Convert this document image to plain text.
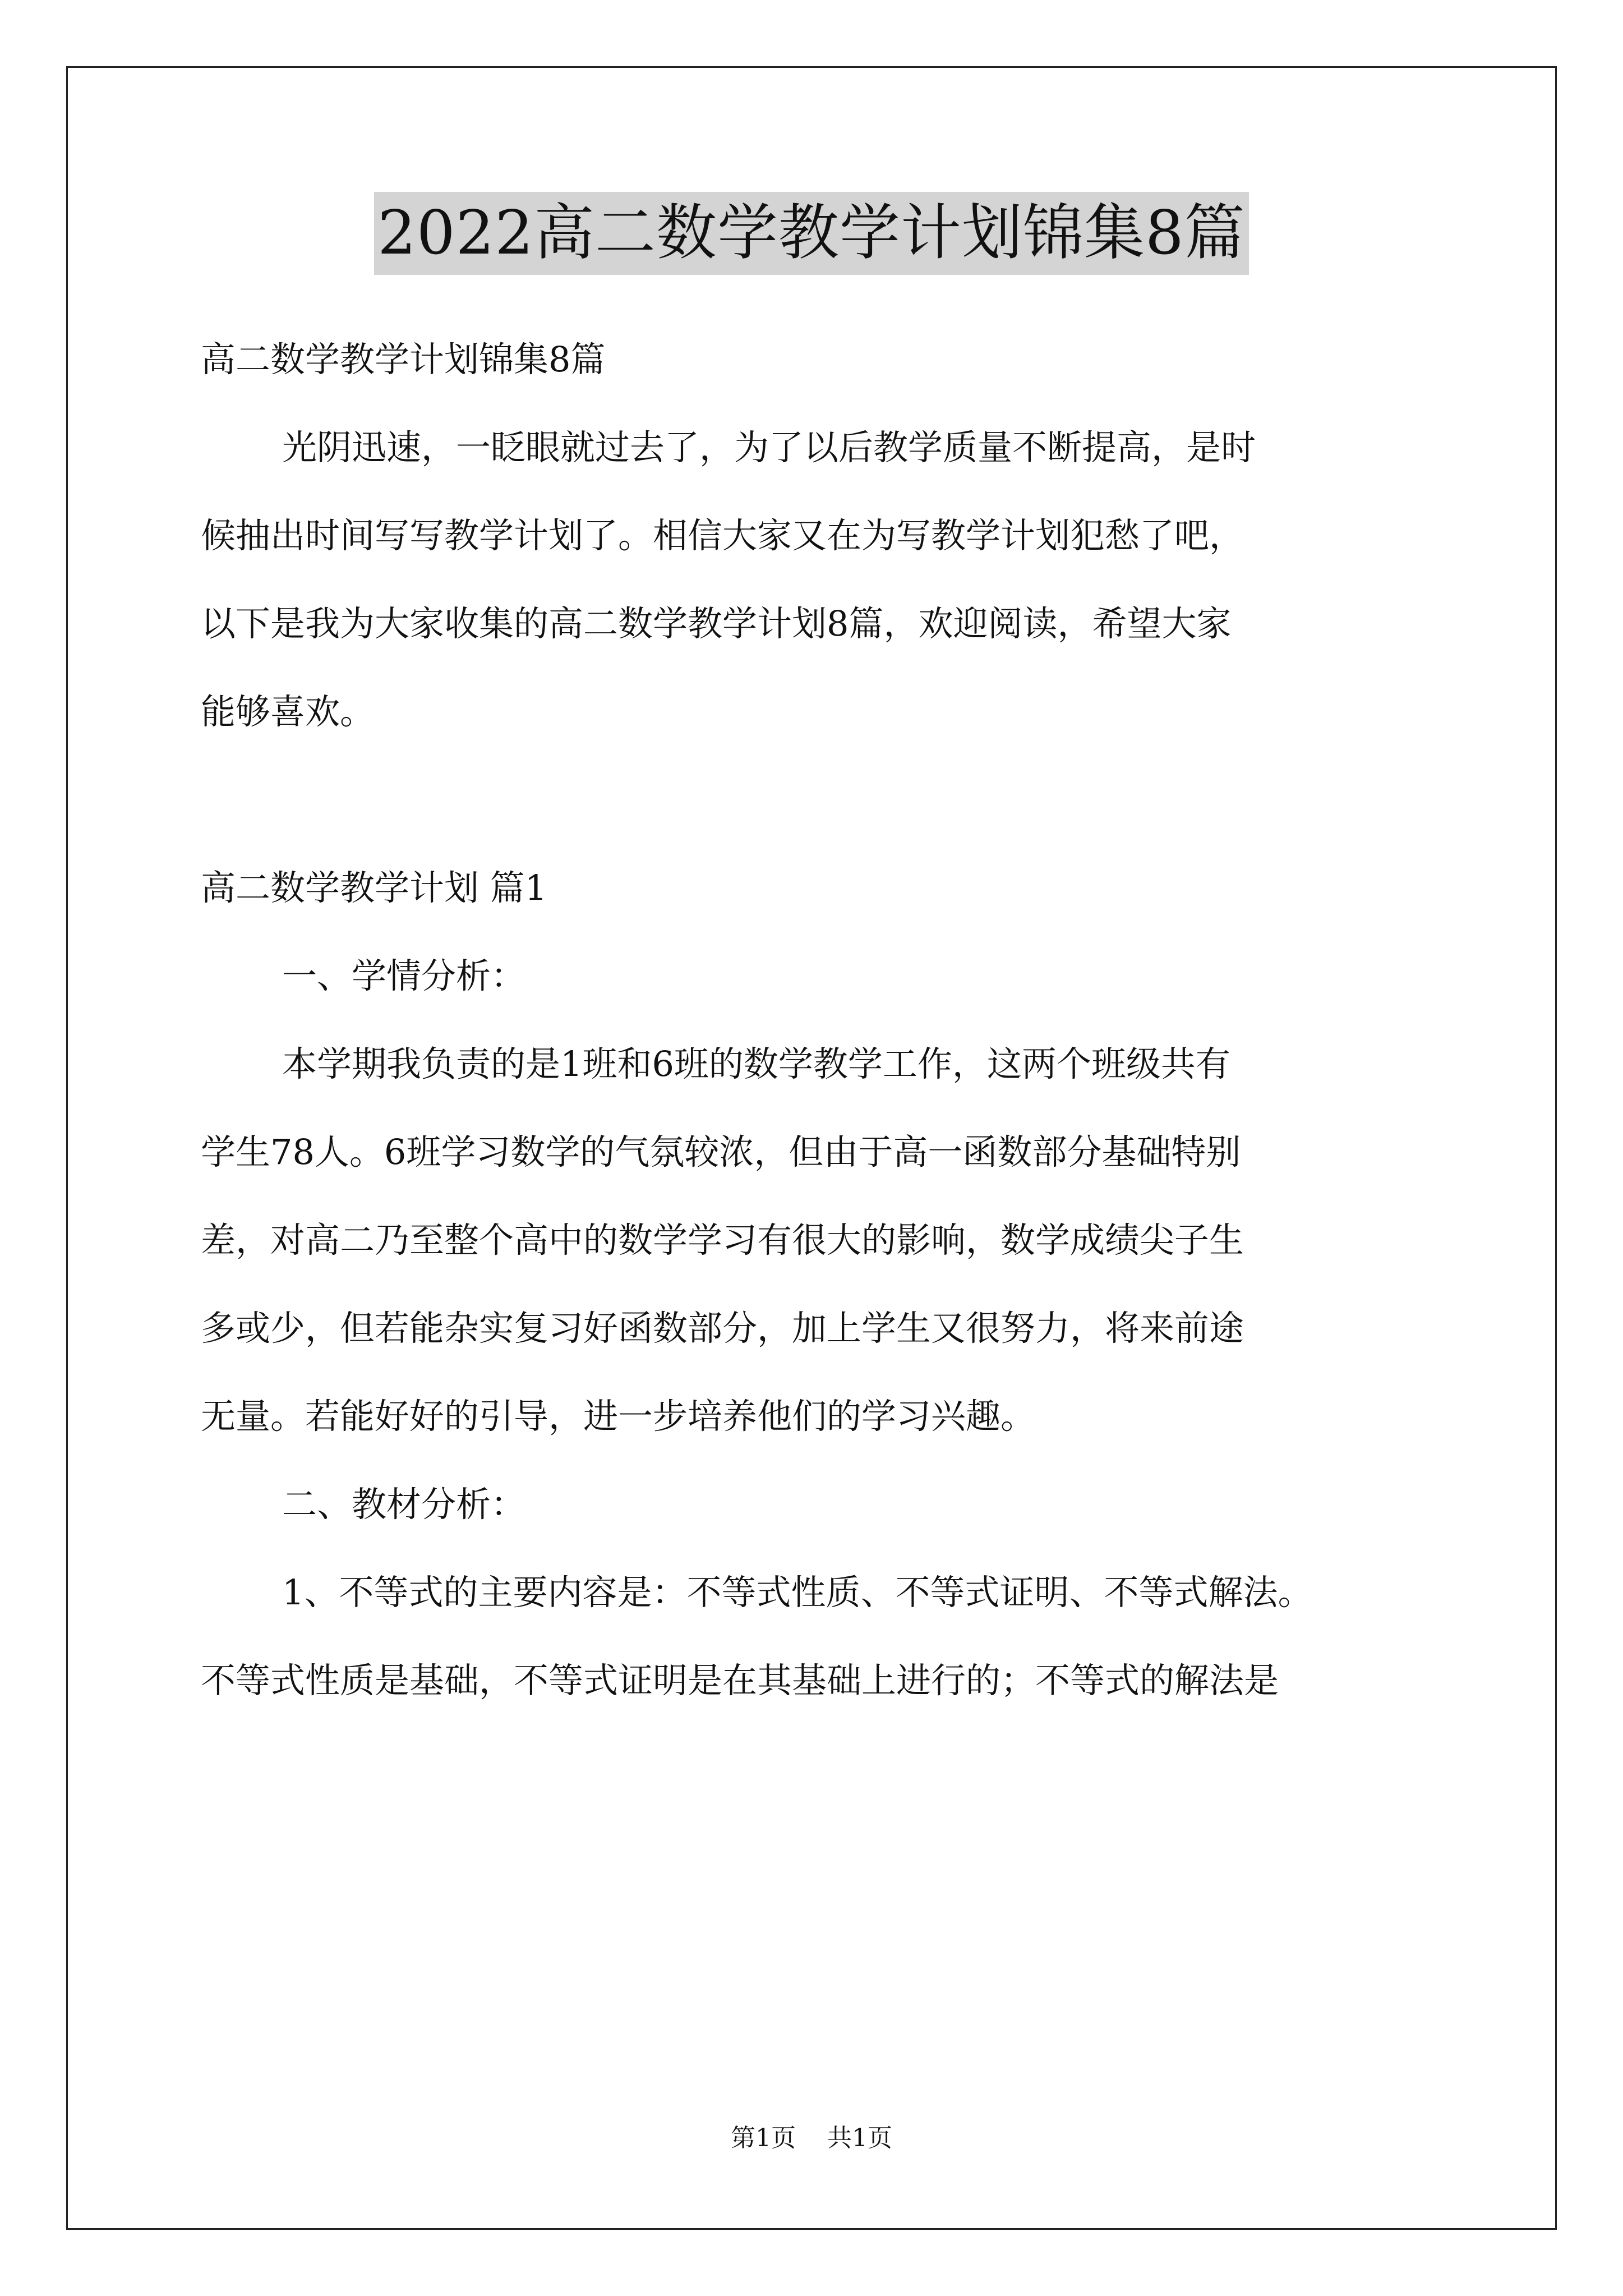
2022高二数学教学计划锦集8篇

高二数学教学计划锦集8篇

光阴迅速，一眨眼就过去了，为了以后教学质量不断提高，是时

候抽出时间写写教学计划了。相信大家又在为写教学计划犯愁了吧，

以下是我为大家收集的高二数学教学计划8篇，欢迎阅读，希望大家

能够喜欢。

高二数学教学计划 篇1

一、学情分析：

本学期我负责的是1班和6班的数学教学工作，这两个班级共有

学生78人。6班学习数学的气氛较浓，但由于高一函数部分基础特别

差，对高二乃至整个高中的数学学习有很大的影响，数学成绩尖子生

多或少，但若能杂实复习好函数部分，加上学生又很努力，将来前途

无量。若能好好的引导，进一步培养他们的学习兴趣。

二、教材分析：

1、不等式的主要内容是：不等式性质、不等式证明、不等式解法。

不等式性质是基础，不等式证明是在其基础上进行的；不等式的解法是

第1页 共1页
